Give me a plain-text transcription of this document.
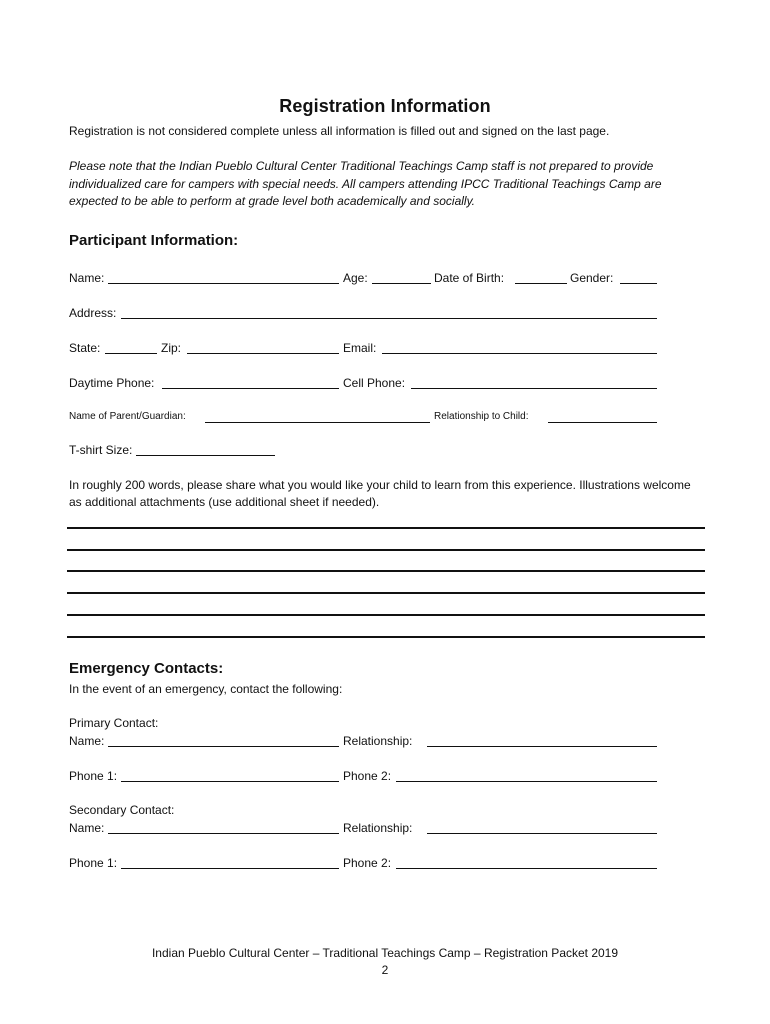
Registration Information
Registration is not considered complete unless all information is filled out and signed on the last page.
Please note that the Indian Pueblo Cultural Center Traditional Teachings Camp staff is not prepared to provide individualized care for campers with special needs. All campers attending IPCC Traditional Teachings Camp are expected to be able to perform at grade level both academically and socially.
Participant Information:
Name:	Age:	Date of Birth:	Gender:
Address:
State:	Zip:	Email:
Daytime Phone:	Cell Phone:
Name of Parent/Guardian:	Relationship to Child:
T-shirt Size:
In roughly 200 words, please share what you would like your child to learn from this experience. Illustrations welcome as additional attachments (use additional sheet if needed).
Emergency Contacts:
In the event of an emergency, contact the following:
Primary Contact:
Name:	Relationship:
Phone 1:	Phone 2:
Secondary Contact:
Name:	Relationship:
Phone 1:	Phone 2:
Indian Pueblo Cultural Center – Traditional Teachings Camp – Registration Packet 2019
2
